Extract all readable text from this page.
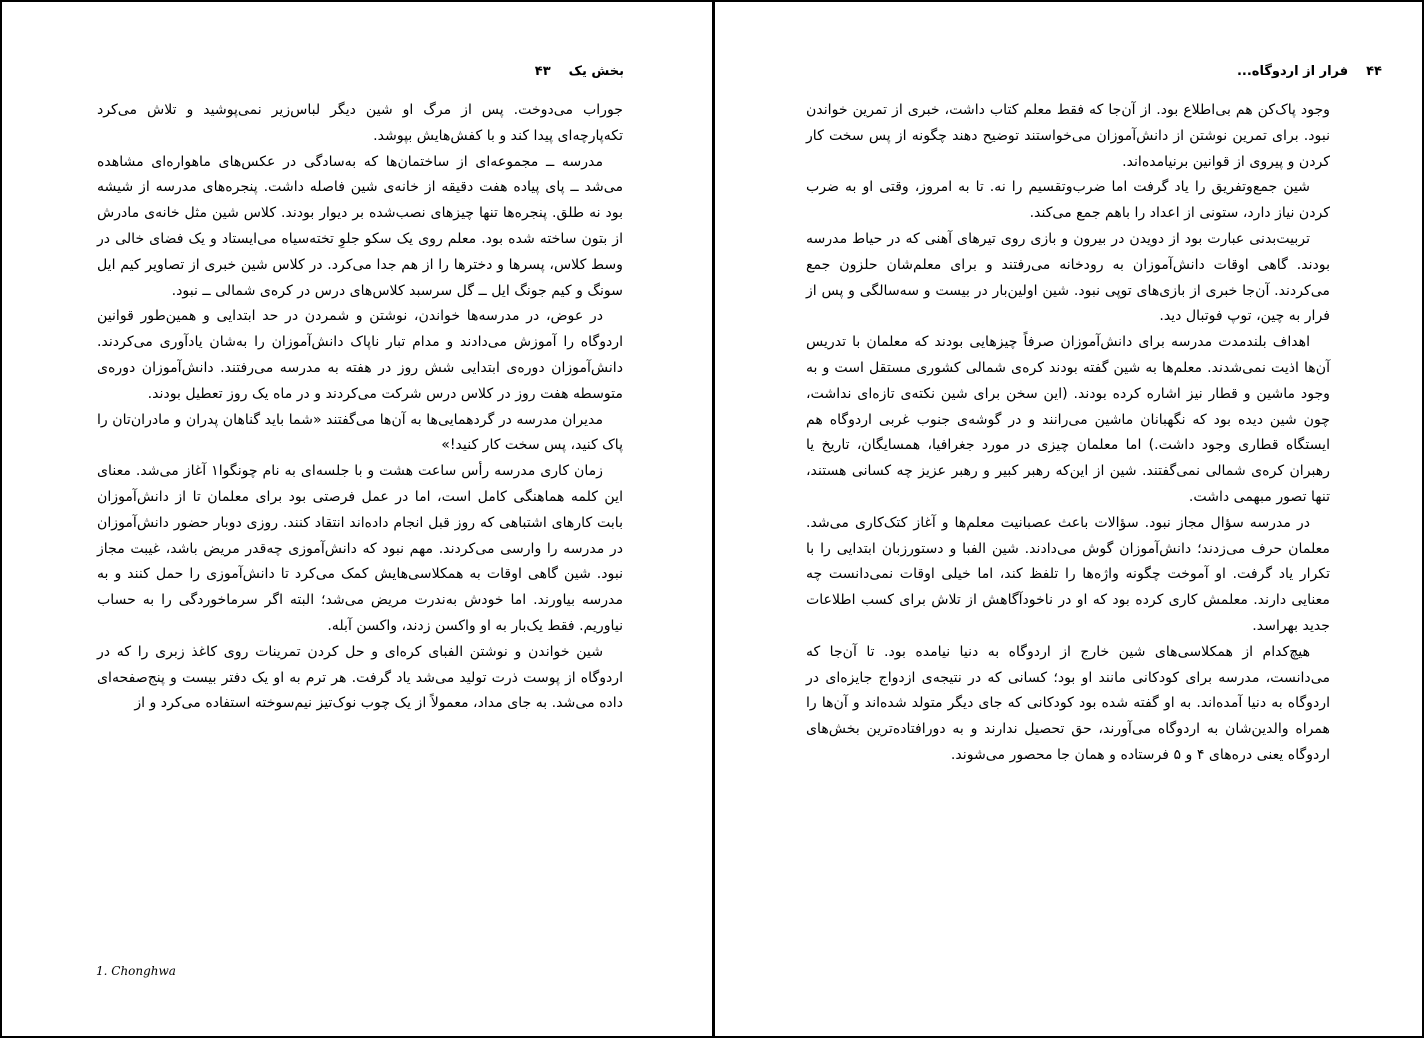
بخش یک۴۳

جوراب می‌دوخت. پس از مرگ او شین دیگر لباس‌زیر نمی‌پوشید و تلاش می‌کرد تکه‌پارچه‌ای پیدا کند و با کفش‌هایش بپوشد.

مدرسه ــ مجموعه‌ای از ساختمان‌ها که به‌سادگی در عکس‌های ماهواره‌ای مشاهده می‌شد ــ پای پیاده هفت دقیقه از خانه‌ی شین فاصله داشت. پنجره‌های مدرسه از شیشه بود نه طلق. پنجره‌ها تنها چیزهای نصب‌شده بر دیوار بودند. کلاس شین مثل خانه‌ی مادرش از بتون ساخته شده بود. معلم روی یک سکو جلوِ تخته‌سیاه می‌ایستاد و یک فضای خالی در وسط کلاس، پسرها و دخترها را از هم جدا می‌کرد. در کلاس شین خبری از تصاویر کیم ایل سونگ و کیم جونگ ایل ــ گل سرسبد کلاس‌های درس در کره‌ی شمالی ــ نبود.

در عوض، در مدرسه‌ها خواندن، نوشتن و شمردن در حد ابتدایی و همین‌طور قوانین اردوگاه را آموزش می‌دادند و مدام تبار ناپاک دانش‌آموزان را به‌شان یادآوری می‌کردند. دانش‌آموزان دوره‌ی ابتدایی شش روز در هفته به مدرسه می‌رفتند. دانش‌آموزان دوره‌ی متوسطه هفت روز در کلاس درس شرکت می‌کردند و در ماه یک روز تعطیل بودند.

مدیران مدرسه در گردهمایی‌ها به آن‌ها می‌گفتند «شما باید گناهان پدران و مادران‌تان را پاک کنید، پس سخت کار کنید!»

زمان کاری مدرسه رأس ساعت هشت و با جلسه‌ای به نام چونگوا۱ آغاز می‌شد. معنای این کلمه هماهنگی کامل است، اما در عمل فرصتی بود برای معلمان تا از دانش‌آموزان بابت کارهای اشتباهی که روز قبل انجام داده‌اند انتقاد کنند. روزی دوبار حضور دانش‌آموزان در مدرسه را وارسی می‌کردند. مهم نبود که دانش‌آموزی چه‌قدر مریض باشد، غیبت مجاز نبود. شین گاهی اوقات به همکلاسی‌هایش کمک می‌کرد تا دانش‌آموزی را حمل کنند و به مدرسه بیاورند. اما خودش به‌ندرت مریض می‌شد؛ البته اگر سرماخوردگی را به حساب نیاوریم. فقط یک‌بار به او واکسن زدند، واکسن آبله.

شین خواندن و نوشتن الفبای کره‌ای و حل کردن تمرینات روی کاغذ زبری را که در اردوگاه از پوست ذرت تولید می‌شد یاد گرفت. هر ترم به او یک دفتر بیست و پنج‌صفحه‌ای داده می‌شد. به جای مداد، معمولاً از یک چوب نوک‌تیز نیم‌سوخته استفاده می‌کرد و از

1. Chonghwa
۴۴فرار از اردوگاه...

وجود پاک‌کن هم بی‌اطلاع بود. از آن‌جا که فقط معلم کتاب داشت، خبری از تمرین خواندن نبود. برای تمرین نوشتن از دانش‌آموزان می‌خواستند توضیح دهند چگونه از پس سخت کار کردن و پیروی از قوانین برنیامده‌اند.

شین جمع‌وتفریق را یاد گرفت اما ضرب‌وتقسیم را نه. تا به امروز، وقتی او به ضرب کردن نیاز دارد، ستونی از اعداد را باهم جمع می‌کند.

تربیت‌بدنی عبارت بود از دویدن در بیرون و بازی روی تیرهای آهنی که در حیاط مدرسه بودند. گاهی اوقات دانش‌آموزان به رودخانه می‌رفتند و برای معلم‌شان حلزون جمع می‌کردند. آن‌جا خبری از بازی‌های توپی نبود. شین اولین‌بار در بیست و سه‌سالگی و پس از فرار به چین، توپ فوتبال دید.

اهداف بلندمدت مدرسه برای دانش‌آموزان صرفاً چیزهایی بودند که معلمان با تدریس آن‌ها اذیت نمی‌شدند. معلم‌ها به شین گفته بودند کره‌ی شمالی کشوری مستقل است و به وجود ماشین و قطار نیز اشاره کرده بودند. (این سخن برای شین نکته‌ی تازه‌ای نداشت، چون شین دیده بود که نگهبانان ماشین می‌رانند و در گوشه‌ی جنوب غربی اردوگاه هم ایستگاه قطاری وجود داشت.) اما معلمان چیزی در مورد جغرافیا، همسایگان، تاریخ یا رهبران کره‌ی شمالی نمی‌گفتند. شین از این‌که رهبر کبیر و رهبر عزیز چه کسانی هستند، تنها تصور مبهمی داشت.

در مدرسه سؤال مجاز نبود. سؤالات باعث عصبانیت معلم‌ها و آغاز کتک‌کاری می‌شد. معلمان حرف می‌زدند؛ دانش‌آموزان گوش می‌دادند. شین الفبا و دستورزبان ابتدایی را با تکرار یاد گرفت. او آموخت چگونه واژه‌ها را تلفظ کند، اما خیلی اوقات نمی‌دانست چه معنایی دارند. معلمش کاری کرده بود که او در ناخودآگاهش از تلاش برای کسب اطلاعات جدید بهراسد.

هیچ‌کدام از همکلاسی‌های شین خارج از اردوگاه به دنیا نیامده بود. تا آن‌جا که می‌دانست، مدرسه برای کودکانی مانند او بود؛ کسانی که در نتیجه‌ی ازدواج جایزه‌ای در اردوگاه به دنیا آمده‌اند. به او گفته شده بود کودکانی که جای دیگر متولد شده‌اند و آن‌ها را همراه والدین‌شان به اردوگاه می‌آورند، حق تحصیل ندارند و به دورافتاده‌ترین بخش‌های اردوگاه یعنی دره‌های ۴ و ۵ فرستاده و همان جا محصور می‌شوند.
